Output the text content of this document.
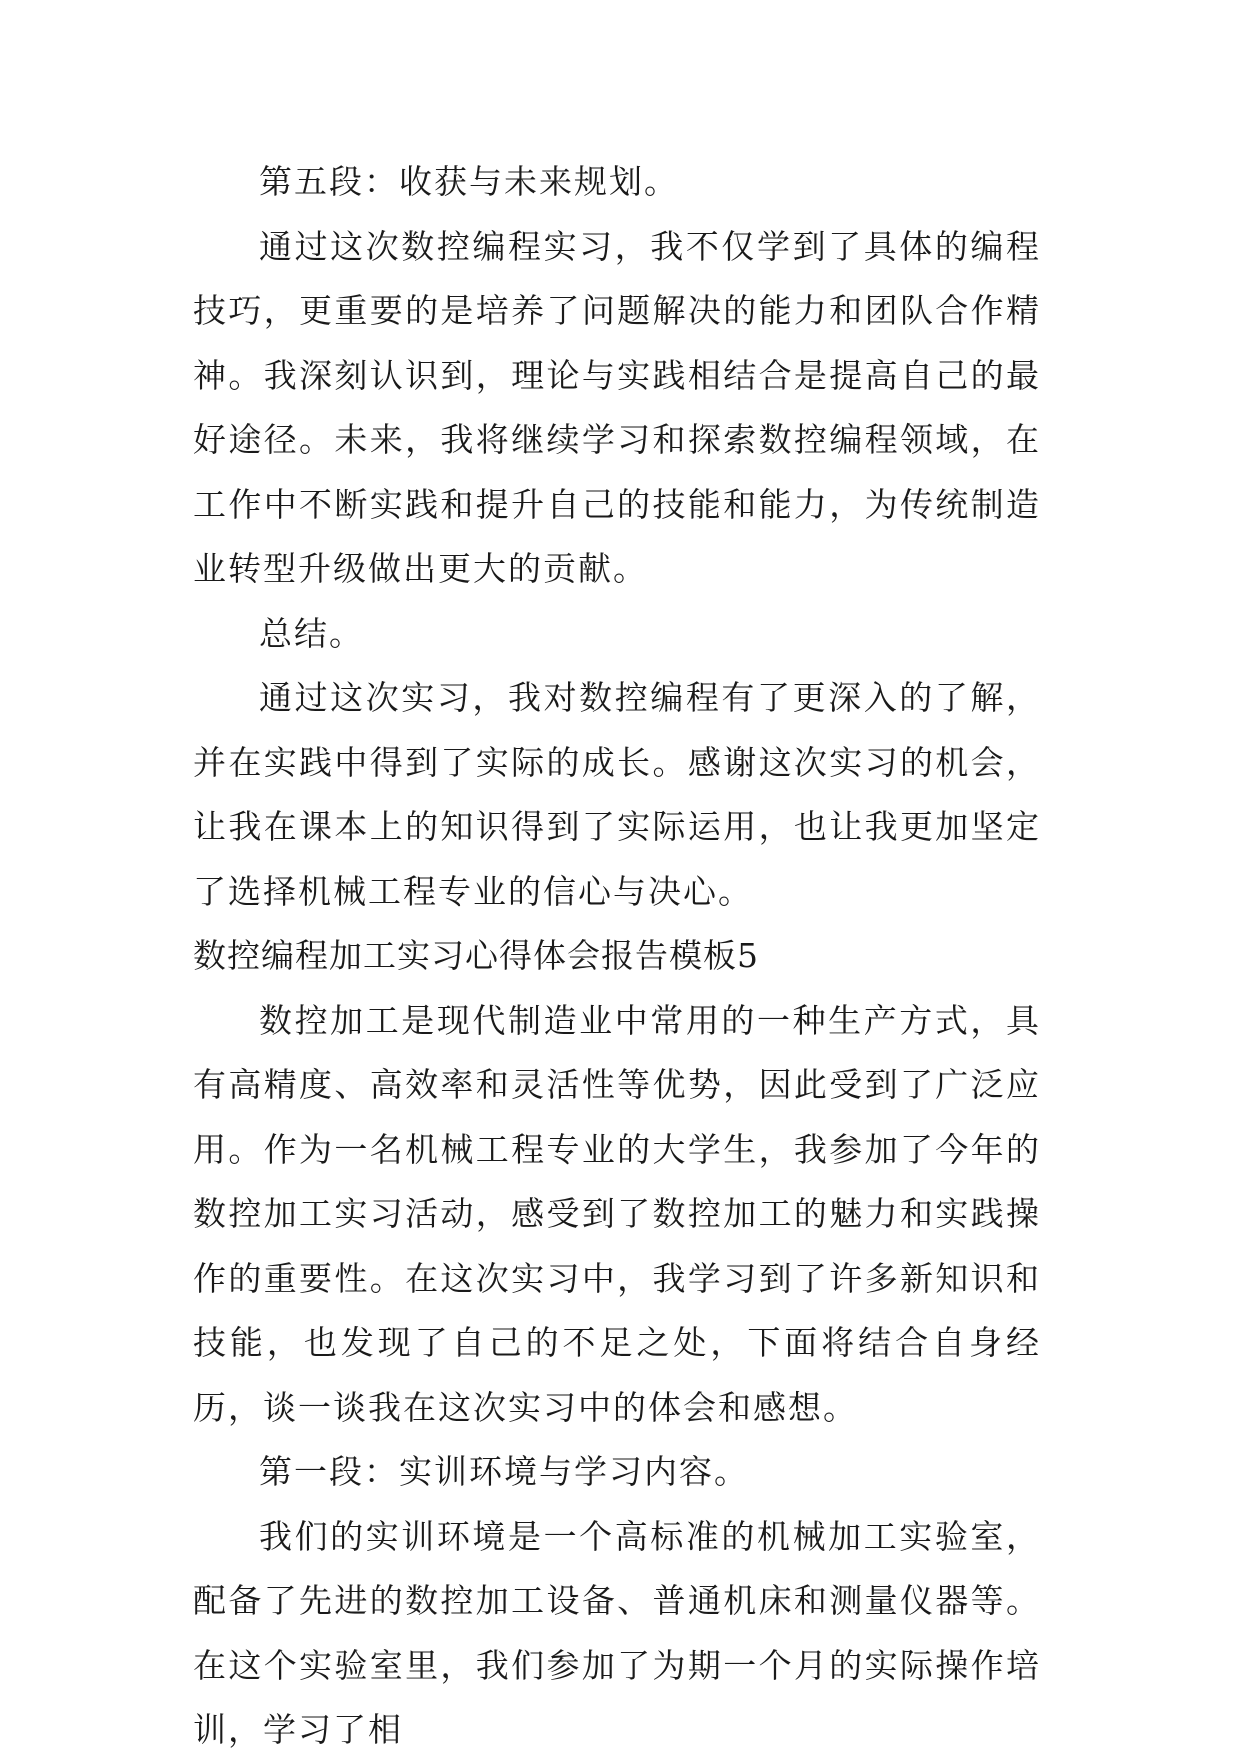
第五段：收获与未来规划。

通过这次数控编程实习，我不仅学到了具体的编程技巧，更重要的是培养了问题解决的能力和团队合作精神。我深刻认识到，理论与实践相结合是提高自己的最好途径。未来，我将继续学习和探索数控编程领域，在工作中不断实践和提升自己的技能和能力，为传统制造业转型升级做出更大的贡献。

总结。

通过这次实习，我对数控编程有了更深入的了解，并在实践中得到了实际的成长。感谢这次实习的机会，让我在课本上的知识得到了实际运用，也让我更加坚定了选择机械工程专业的信心与决心。

数控编程加工实习心得体会报告模板5

数控加工是现代制造业中常用的一种生产方式，具有高精度、高效率和灵活性等优势，因此受到了广泛应用。作为一名机械工程专业的大学生，我参加了今年的数控加工实习活动，感受到了数控加工的魅力和实践操作的重要性。在这次实习中，我学习到了许多新知识和技能，也发现了自己的不足之处，下面将结合自身经历，谈一谈我在这次实习中的体会和感想。

第一段：实训环境与学习内容。

我们的实训环境是一个高标准的机械加工实验室，配备了先进的数控加工设备、普通机床和测量仪器等。在这个实验室里，我们参加了为期一个月的实际操作培训，学习了相
